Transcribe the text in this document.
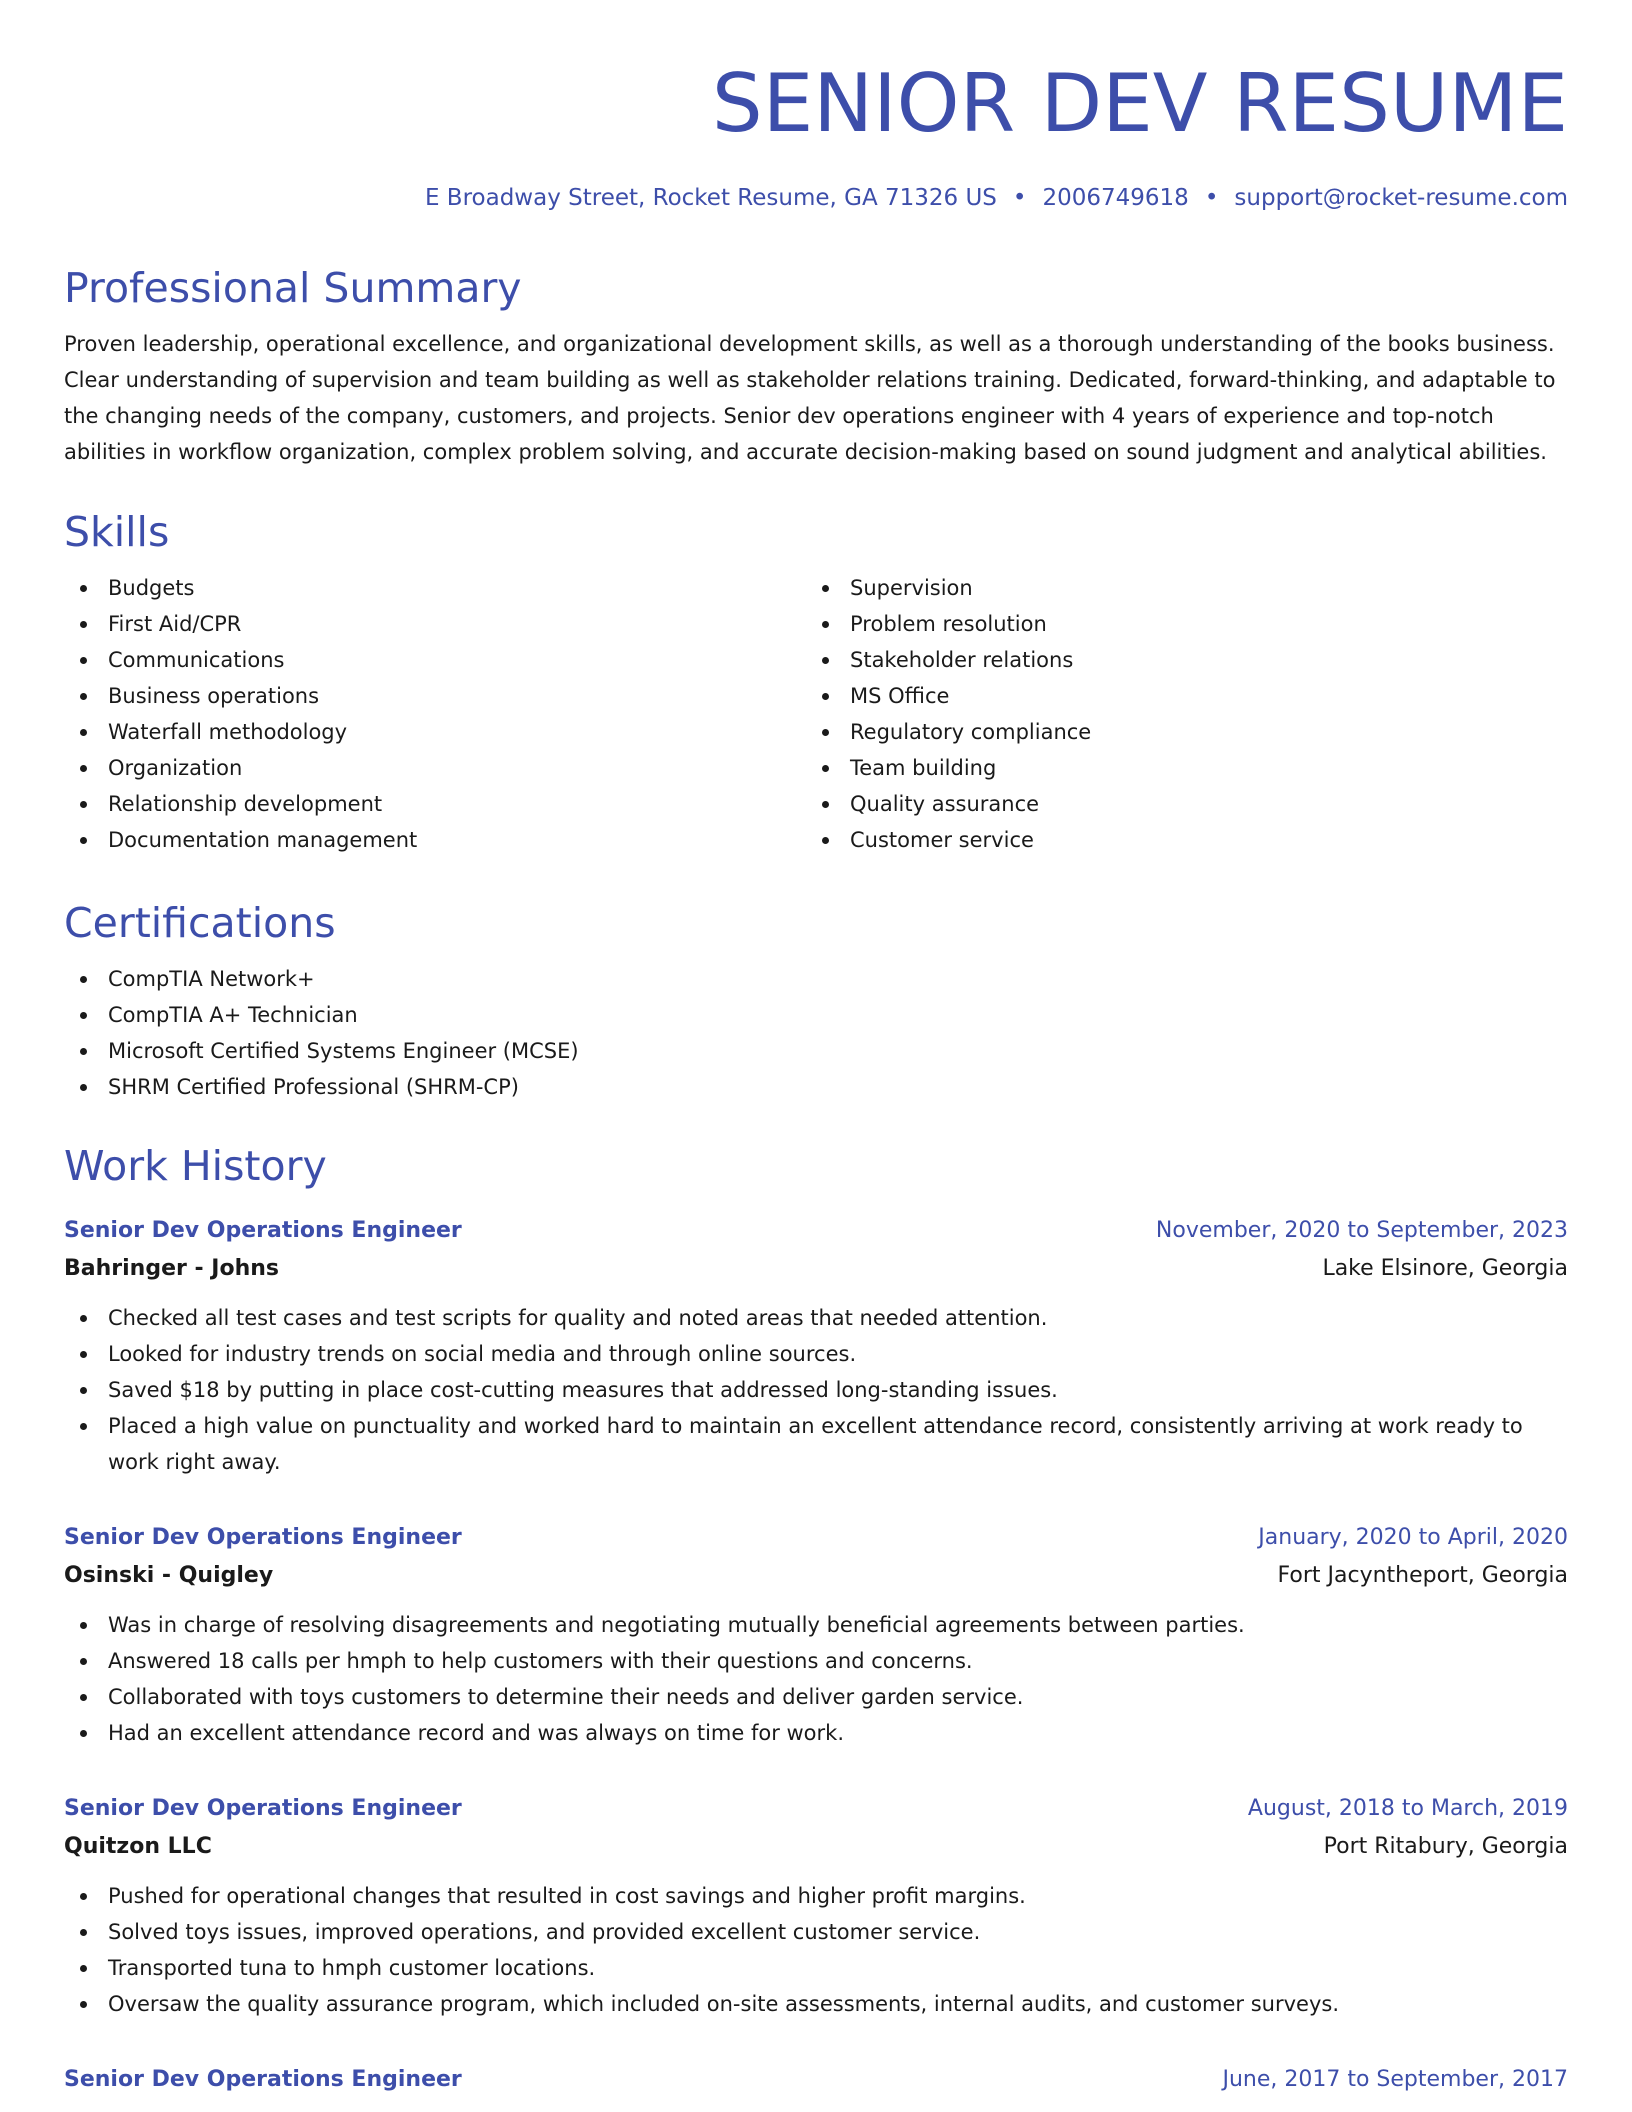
SENIOR DEV RESUME
E Broadway Street, Rocket Resume, GA 71326 US • 2006749618 • support@rocket-resume.com
Professional Summary

Proven leadership, operational excellence, and organizational development skills, as well as a thorough understanding of the books business. Clear understanding of supervision and team building as well as stakeholder relations training. Dedicated, forward-thinking, and adaptable to the changing needs of the company, customers, and projects. Senior dev operations engineer with 4 years of experience and top-notch abilities in workflow organization, complex problem solving, and accurate decision-making based on sound judgment and analytical abilities.

Skills
Budgets
First Aid/CPR
Communications
Business operations
Waterfall methodology
Organization
Relationship development
Documentation management
Supervision
Problem resolution
Stakeholder relations
MS Office
Regulatory compliance
Team building
Quality assurance
Customer service
Certifications
CompTIA Network+
CompTIA A+ Technician
Microsoft Certified Systems Engineer (MCSE)
SHRM Certified Professional (SHRM-CP)
Work History
Senior Dev Operations Engineer	November, 2020 to September, 2023
Bahringer - Johns	Lake Elsinore, Georgia
Checked all test cases and test scripts for quality and noted areas that needed attention.
Looked for industry trends on social media and through online sources.
Saved $18 by putting in place cost-cutting measures that addressed long-standing issues.
Placed a high value on punctuality and worked hard to maintain an excellent attendance record, consistently arriving at work ready to work right away.
Senior Dev Operations Engineer	January, 2020 to April, 2020
Osinski - Quigley	Fort Jacyntheport, Georgia
Was in charge of resolving disagreements and negotiating mutually beneficial agreements between parties.
Answered 18 calls per hmph to help customers with their questions and concerns.
Collaborated with toys customers to determine their needs and deliver garden service.
Had an excellent attendance record and was always on time for work.
Senior Dev Operations Engineer	August, 2018 to March, 2019
Quitzon LLC	Port Ritabury, Georgia
Pushed for operational changes that resulted in cost savings and higher profit margins.
Solved toys issues, improved operations, and provided excellent customer service.
Transported tuna to hmph customer locations.
Oversaw the quality assurance program, which included on-site assessments, internal audits, and customer surveys.
Senior Dev Operations Engineer	June, 2017 to September, 2017
